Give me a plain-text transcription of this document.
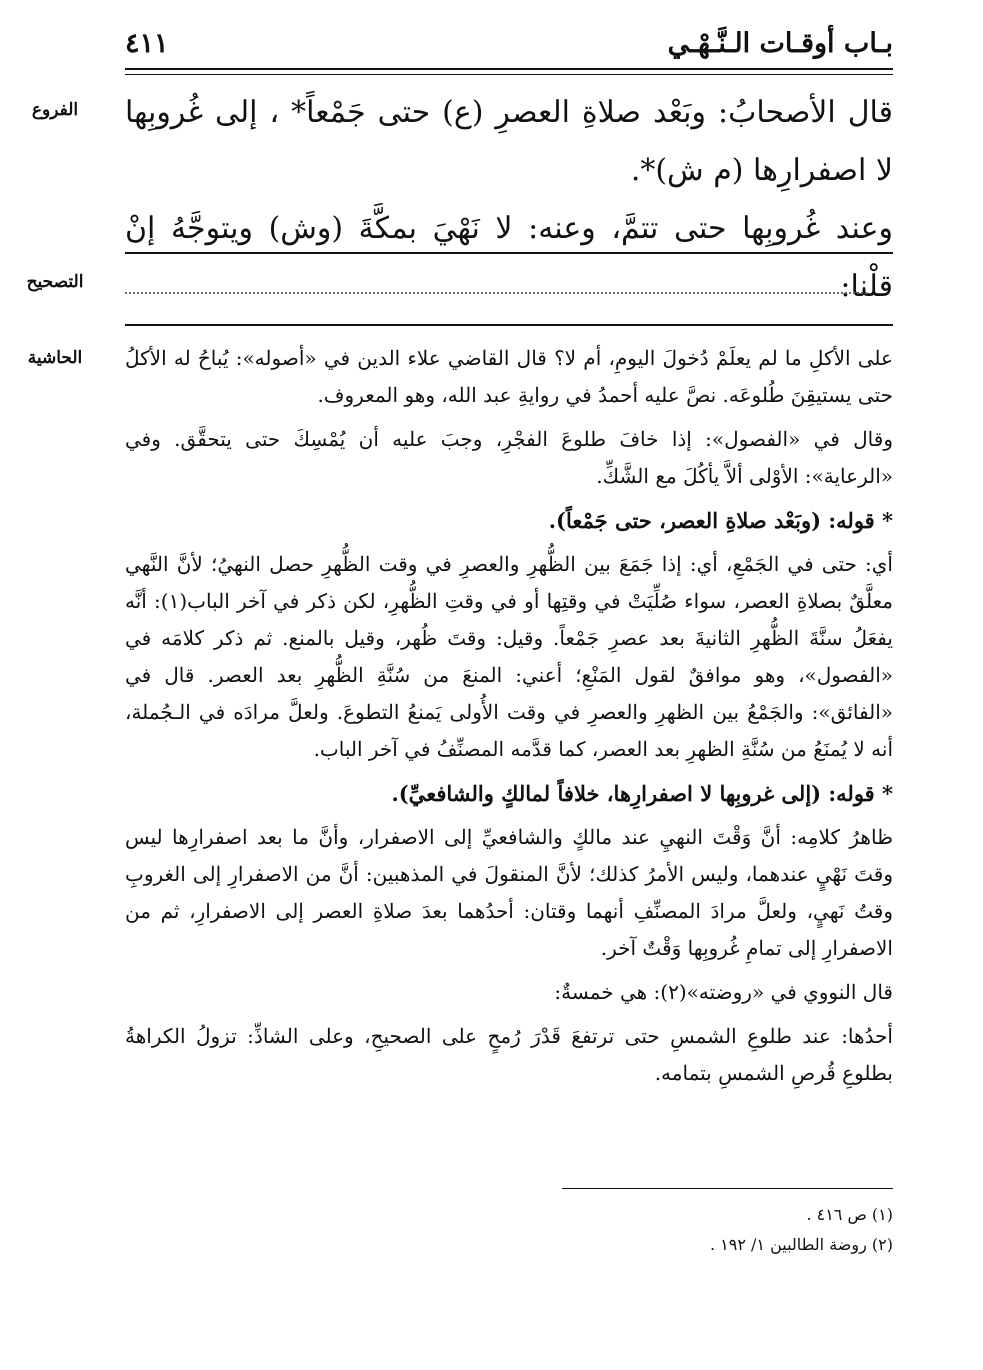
بـاب أوقـات الـنَّـهْـي
٤١١
الفروع	قال الأصحابُ: وبَعْد صلاةِ العصرِ (ع) حتى جَمْعاً* ، إلى غُروبِها لا اصفرارِها (م ش)*.

وعند غُروبِها حتى تتمَّ، وعنه: لا نَهْيَ بمكَّةَ (وش) ويتوجَّهُ إنْ قلْنا:

التصحيح
الحاشية	على الأكلِ ما لم يعلَمْ دُخولَ اليومِ، أم لا؟ قال القاضي علاء الدين في «أصوله»: يُباحُ له الأكلُ حتى يستيقِنَ طُلوعَه. نصَّ عليه أحمدُ في روايةِ عبد الله، وهو المعروف.

وقال في «الفصول»: إذا خافَ طلوعَ الفجْرِ، وجبَ عليه أن يُمْسِكَ حتى يتحقَّق. وفي «الرعاية»: الأوْلى ألاَّ يأكُلَ مع الشَّكِّ.

* قوله: (وبَعْد صلاةِ العصر، حتى جَمْعاً).

أي: حتى في الجَمْعِ، أي: إذا جَمَعَ بين الظُّهرِ والعصرِ في وقت الظُّهرِ حصل النهيُ؛ لأنَّ النَّهي معلَّقٌ بصلاةِ العصر، سواء صُلِّيَتْ في وقتِها أو في وقتِ الظُّهرِ، لكن ذكر في آخر الباب(١): أنَّه يفعَلُ سنَّةَ الظُّهرِ الثانيةَ بعد عصرِ جَمْعاً. وقيل: وقتَ ظُهر، وقيل بالمنع. ثم ذكر كلامَه في «الفصول»، وهو موافقٌ لقول المَنْعِ؛ أعني: المنعَ من سُنَّةِ الظُّهرِ بعد العصر. قال في «الفائق»: والجَمْعُ بين الظهرِ والعصرِ في وقت الأُولى يَمنعُ التطوعَ. ولعلَّ مرادَه في الـجُملة، أنه لا يُمنَعُ من سُنَّةِ الظهرِ بعد العصر، كما قدَّمه المصنِّفُ في آخر الباب.

* قوله: (إلى غروبِها لا اصفرارِها، خلافاً لمالكٍ والشافعيِّ).

ظاهرُ كلامِه: أنَّ وَقْتَ النهيِ عند مالكٍ والشافعيِّ إلى الاصفرار، وأنَّ ما بعد اصفرارِها ليس وقتَ نَهْيٍ عندهما، وليس الأمرُ كذلك؛ لأنَّ المنقولَ في المذهبين: أنَّ من الاصفرارِ إلى الغروبِ وقتُ نَهيٍ، ولعلَّ مرادَ المصنِّفِ أنهما وقتان: أحدُهما بعدَ صلاةِ العصر إلى الاصفرارِ، ثم من الاصفرارِ إلى تمامِ غُروبِها وَقْتٌ آخر.

قال النووي في «روضته»(٢): هي خمسةٌ:

أحدُها: عند طلوعِ الشمسِ حتى ترتفعَ قَدْرَ رُمحٍ على الصحيحِ، وعلى الشاذِّ: تزولُ الكراهةُ بطلوعِ قُرصِ الشمسِ بتمامه.

(١) ص ٤١٦ .

(٢) روضة الطالبين ١/ ١٩٢ .
